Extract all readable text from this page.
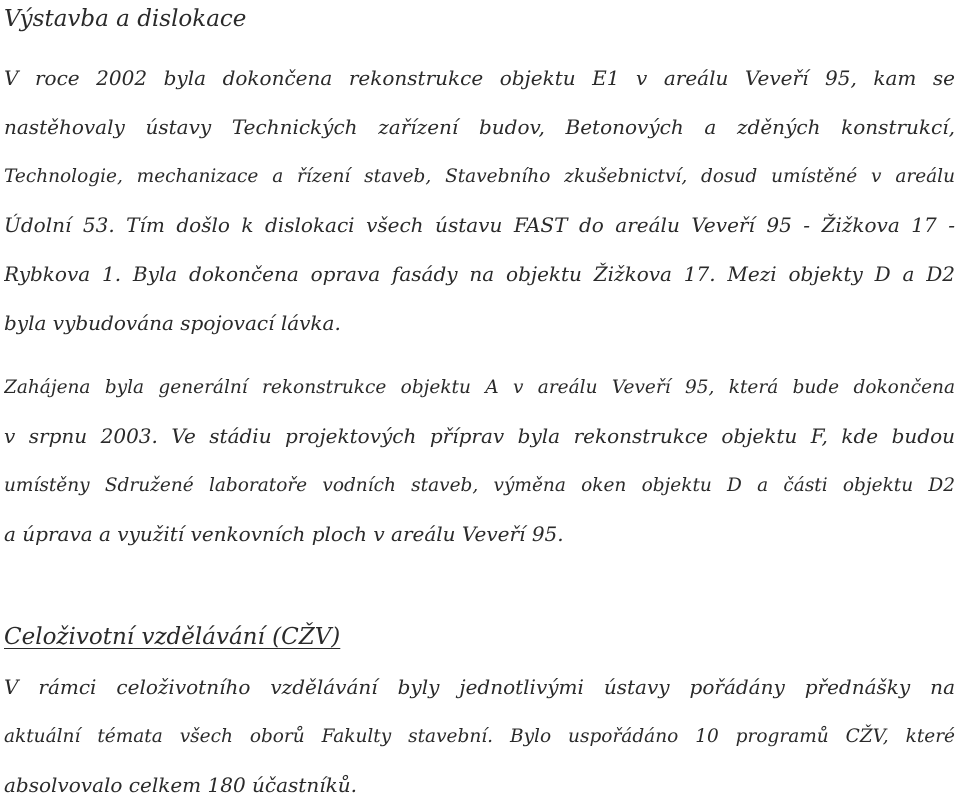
Výstavba a dislokace
V roce 2002 byla dokončena rekonstrukce objektu E1 v areálu Veveří 95, kam se
nastěhovaly ústavy Technických zařízení budov, Betonových a zděných konstrukcí,
Technologie, mechanizace a řízení staveb, Stavebního zkušebnictví, dosud umístěné v areálu
Údolní 53. Tím došlo k dislokaci všech ústavu FAST do areálu Veveří 95 - Žižkova 17 -
Rybkova 1. Byla dokončena oprava fasády na objektu Žižkova 17. Mezi objekty D a D2
byla vybudována spojovací lávka.
Zahájena byla generální rekonstrukce objektu A v areálu Veveří 95, která bude dokončena
v srpnu 2003. Ve stádiu projektových příprav byla rekonstrukce objektu F, kde budou
umístěny Sdružené laboratoře vodních staveb, výměna oken objektu D a části objektu D2
a úprava a využití venkovních ploch v areálu Veveří 95.
Celoživotní vzdělávání (CŽV)
V rámci celoživotního vzdělávání byly jednotlivými ústavy pořádány přednášky na
aktuální témata všech oborů Fakulty stavební. Bylo uspořádáno 10 programů CŽV, které
absolvovalo celkem 180 účastníků.
